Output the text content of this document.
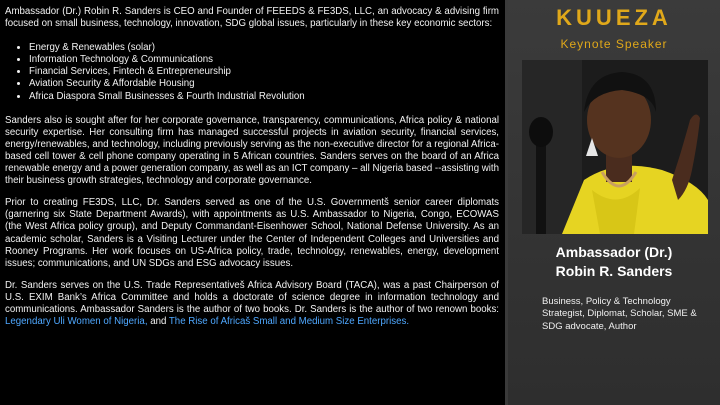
Ambassador (Dr.) Robin R. Sanders is CEO and Founder of FEEEDS & FE3DS, LLC, an advocacy & advising firm focused on small business, technology, innovation, SDG global issues, particularly in these key economic sectors:

• Energy & Renewables (solar)
• Information Technology & Communications
• Financial Services, Fintech & Entrepreneurship
• Aviation Security & Affordable Housing
• Africa Diaspora Small Businesses & Fourth Industrial Revolution

Sanders also is sought after for her corporate governance, transparency, communications, Africa policy & national security expertise. Her consulting firm has managed successful projects in aviation security, financial services, energy/renewables, and technology, including previously serving as the non-executive director for a regional Africa-based cell tower & cell phone company operating in 5 African countries. Sanders serves on the board of an Africa renewable energy and a power generation company, as well as an ICT company – all Nigeria based --assisting with their business growth strategies, technology and corporate governance.

Prior to creating FE3DS, LLC, Dr. Sanders served as one of the U.S. Governmentš senior career diplomats (garnering six State Department Awards), with appointments as U.S. Ambassador to Nigeria, Congo, ECOWAS (the West Africa policy group), and Deputy Commandant-Eisenhower School, National Defense University. As an academic scholar, Sanders is a Visiting Lecturer under the Center of Independent Colleges and Universities and Rooney Programs. Her work focuses on US-Africa policy, trade, technology, renewables, energy, development issues; communications, and UN SDGs and ESG advocacy issues.

Dr. Sanders serves on the U.S. Trade Representativeš Africa Advisory Board (TACA), was a past Chairperson of U.S. EXIM Bank’s Africa Committee and holds a doctorate of science degree in information technology and communications. Ambassador Sanders is the author of two books. Dr. Sanders is the author of two renown books: Legendary Uli Women of Nigeria, and The Rise of Africaš Small and Medium Size Enterprises.

KUUEZA
Keynote Speaker
Ambassador (Dr.)
Robin R. Sanders
Business, Policy & Technology Strategist, Diplomat, Scholar, SME & SDG advocate, Author
